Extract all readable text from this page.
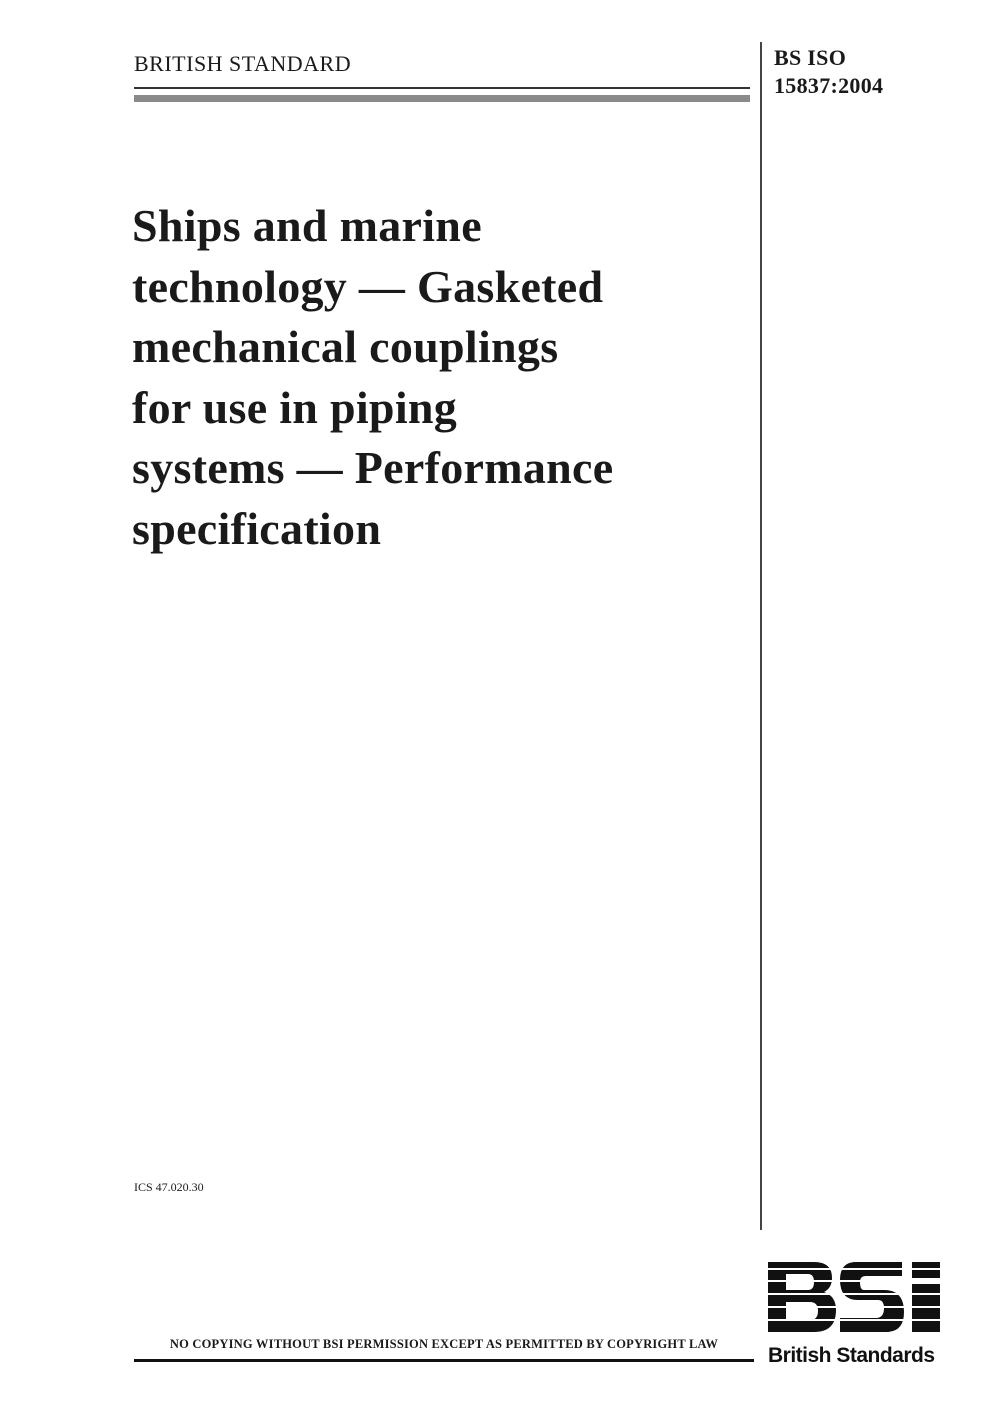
BRITISH STANDARD	BS ISO
15837:2004
Ships and marine
technology — Gasketed
mechanical couplings
for use in piping
systems — Performance
specification
ICS 47.020.30
NO COPYING WITHOUT BSI PERMISSION EXCEPT AS PERMITTED BY COPYRIGHT LAW	British Standards
